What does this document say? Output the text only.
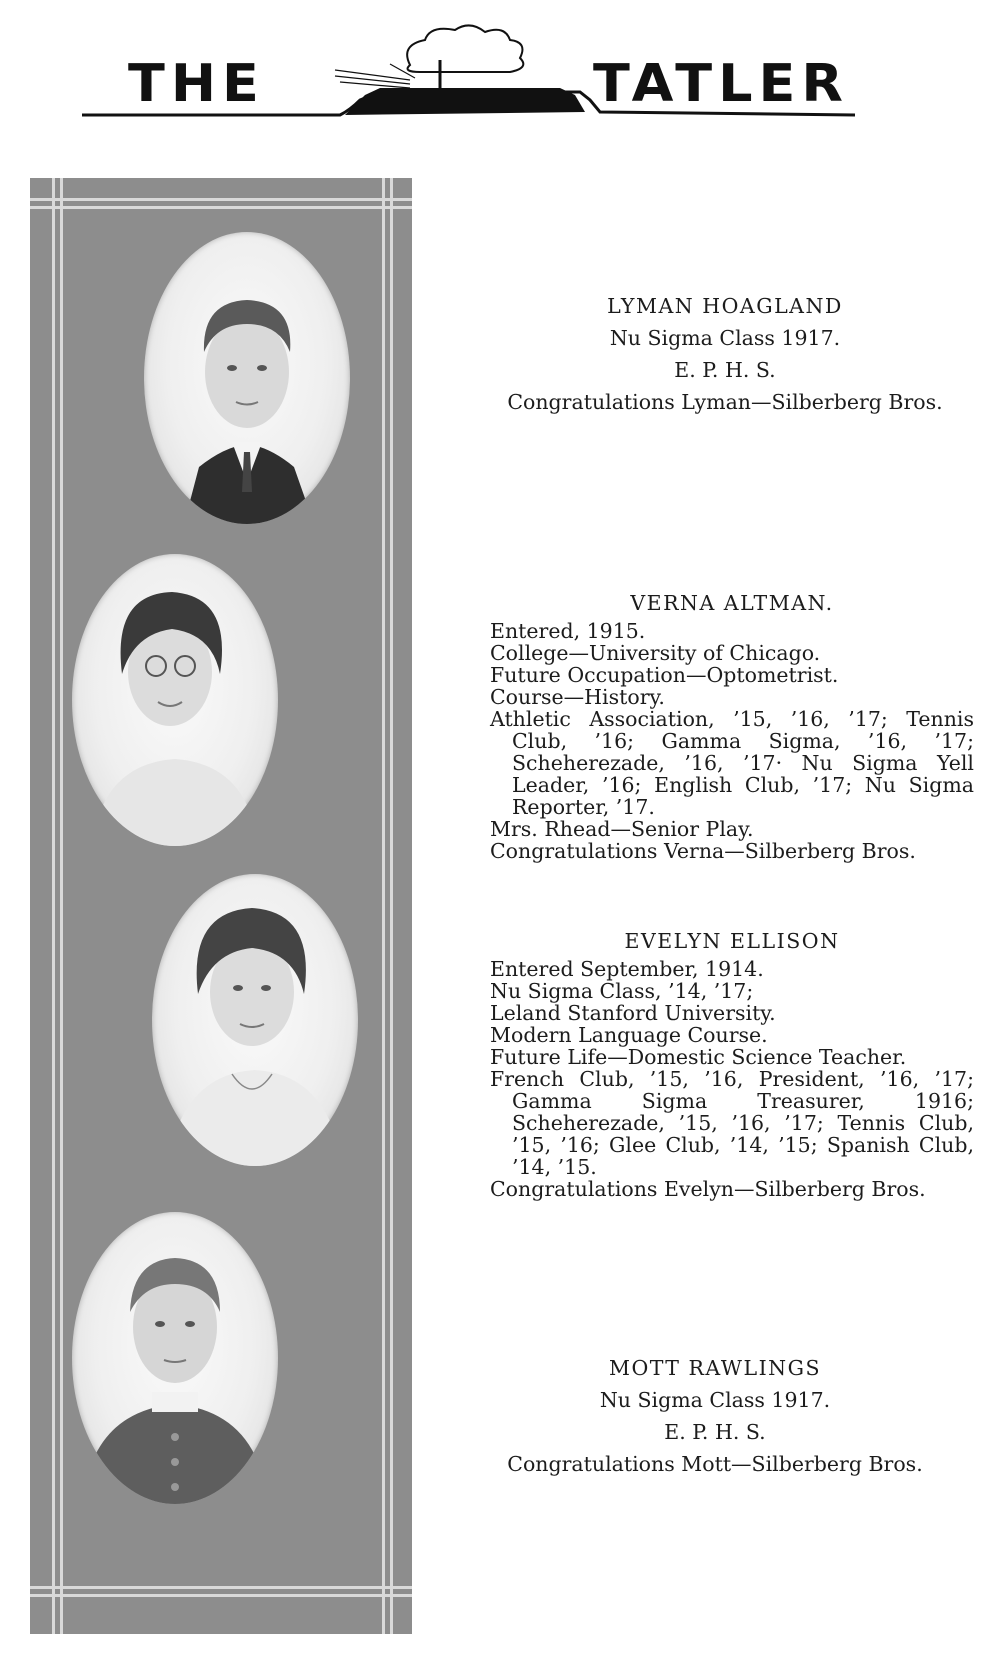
THE	TATLER
LYMAN HOAGLAND
Nu Sigma Class 1917.
E. P. H. S.
Congratulations Lyman—Silberberg Bros.
VERNA ALTMAN.
Entered, 1915.
College—University of Chicago.
Future Occupation—Optometrist.
Course—History.
Athletic Association, ’15, ’16, ’17; Tennis Club, ’16; Gamma Sigma, ’16, ’17; Scheherezade, ’16, ’17· Nu Sigma Yell Leader, ’16; English Club, ’17; Nu Sigma Reporter, ’17.
Mrs. Rhead—Senior Play.
Congratulations Verna—Silberberg Bros.
EVELYN ELLISON
Entered September, 1914.
Nu Sigma Class, ’14, ’17;
Leland Stanford University.
Modern Language Course.
Future Life—Domestic Science Teacher.
French Club, ’15, ’16, President, ’16, ’17; Gamma Sigma Treasurer, 1916; Scheherezade, ’15, ’16, ’17; Tennis Club, ’15, ’16; Glee Club, ’14, ’15; Spanish Club, ’14, ’15.
Congratulations Evelyn—Silberberg Bros.
MOTT RAWLINGS
Nu Sigma Class 1917.
E. P. H. S.
Congratulations Mott—Silberberg Bros.
